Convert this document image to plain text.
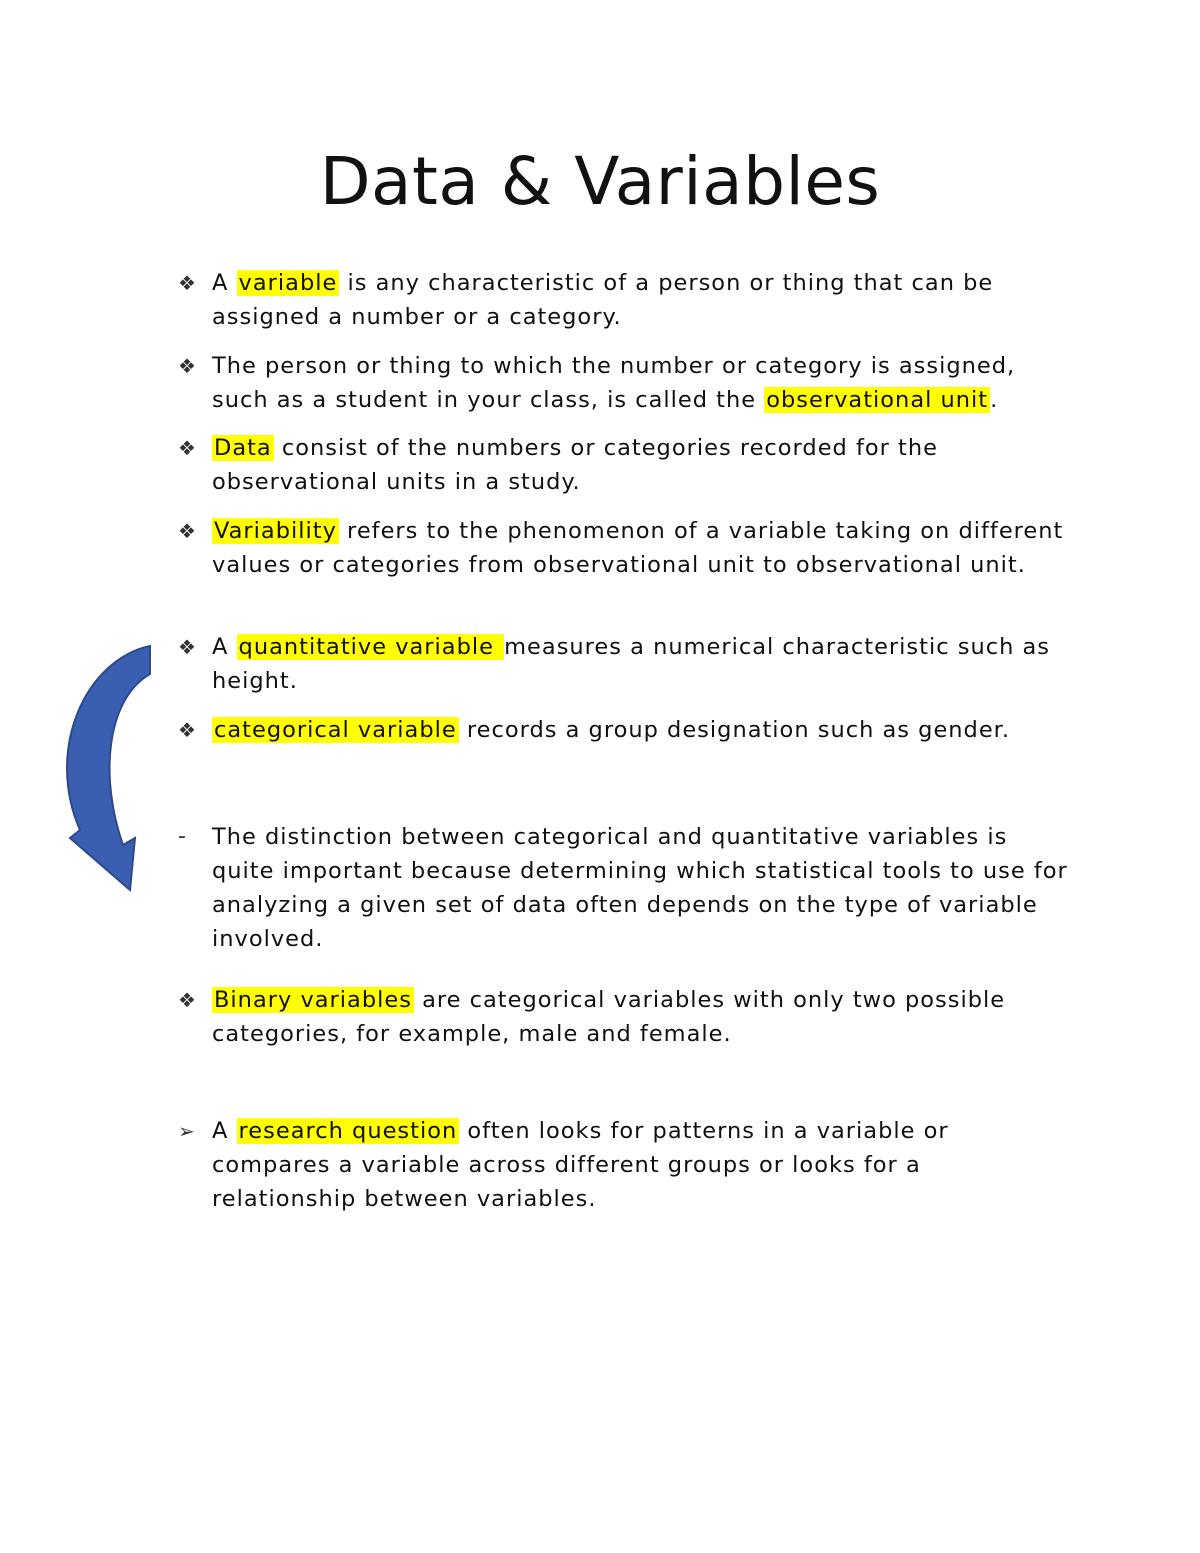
Data & Variables
❖ A variable is any characteristic of a person or thing that can be assigned a number or a category.
❖ The person or thing to which the number or category is assigned, such as a student in your class, is called the observational unit.
❖ Data consist of the numbers or categories recorded for the observational units in a study.
❖ Variability refers to the phenomenon of a variable taking on different values or categories from observational unit to observational unit.
❖ A quantitative variable measures a numerical characteristic such as height.
❖ categorical variable records a group designation such as gender.
-	The distinction between categorical and quantitative variables is quite important because determining which statistical tools to use for analyzing a given set of data often depends on the type of variable involved.
❖ Binary variables are categorical variables with only two possible categories, for example, male and female.
➢ A research question often looks for patterns in a variable or compares a variable across different groups or looks for a relationship between variables.
